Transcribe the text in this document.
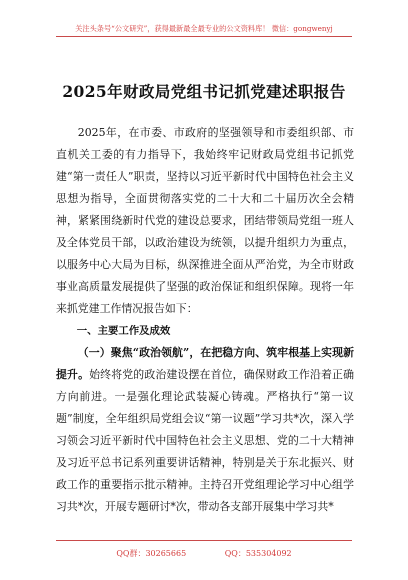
关注头条号“公文研究”，获得最新最全最专业的公文资料库！ 微信：gongwenyj
2025年财政局党组书记抓党建述职报告

2025年，在市委、市政府的坚强领导和市委组织部、市直机关工委的有力指导下，我始终牢记财政局党组书记抓党建“第一责任人”职责，坚持以习近平新时代中国特色社会主义思想为指导，全面贯彻落实党的二十大和二十届历次全会精神，紧紧围绕新时代党的建设总要求，团结带领局党组一班人及全体党员干部，以政治建设为统领，以提升组织力为重点，以服务中心大局为目标，纵深推进全面从严治党，为全市财政事业高质量发展提供了坚强的政治保证和组织保障。现将一年来抓党建工作情况报告如下：

一、主要工作及成效

（一）聚焦“政治领航”，在把稳方向、筑牢根基上实现新提升。始终将党的政治建设摆在首位，确保财政工作沿着正确方向前进。一是强化理论武装凝心铸魂。严格执行“第一议题”制度，全年组织局党组会议“第一议题”学习共*次，深入学习领会习近平新时代中国特色社会主义思想、党的二十大精神及习近平总书记系列重要讲话精神，特别是关于东北振兴、财政工作的重要指示批示精神。主持召开党组理论学习中心组学习共*次，开展专题研讨*次，带动各支部开展集中学习共*

QQ群：30265665	QQ：535304092
